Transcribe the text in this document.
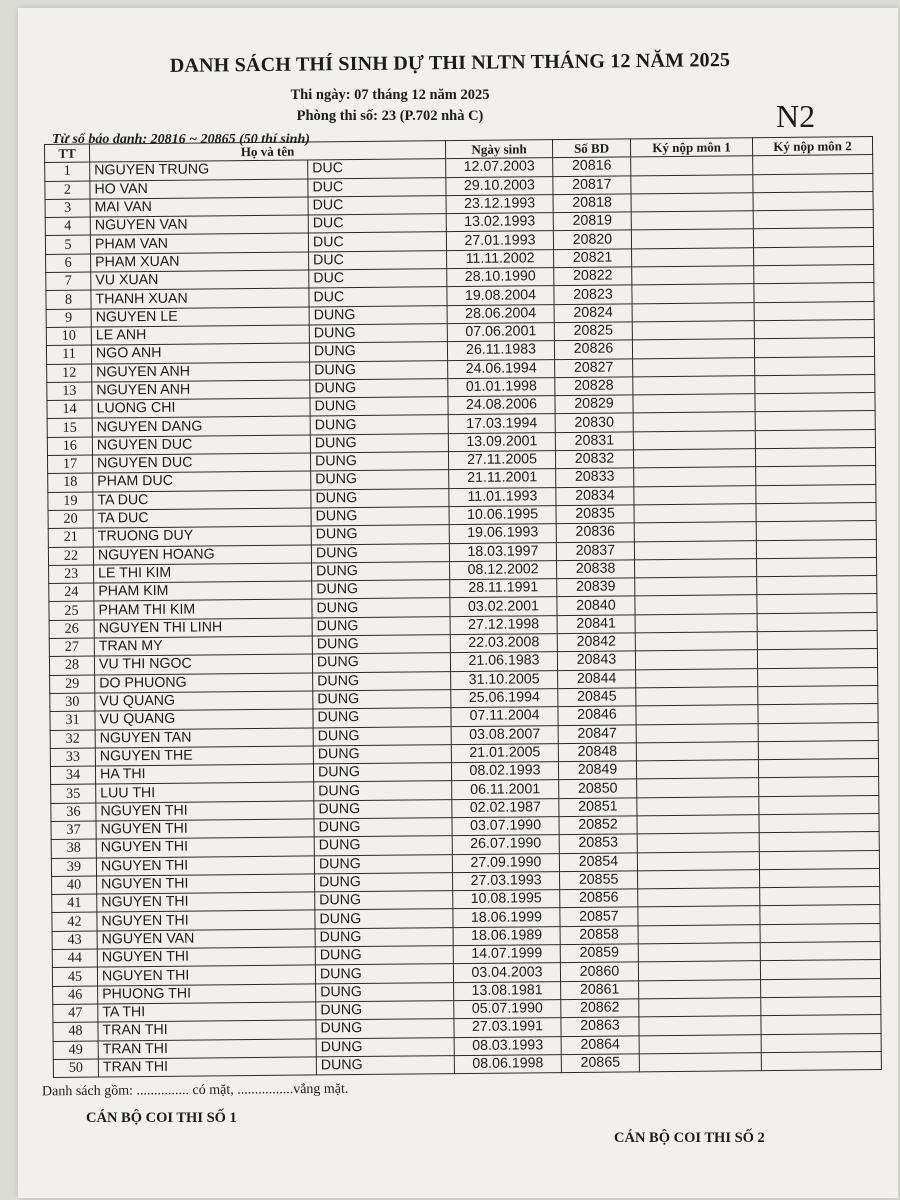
DANH SÁCH THÍ SINH DỰ THI NLTN THÁNG 12 NĂM 2025
Thi ngày: 07 tháng 12 năm 2025
Phòng thi số: 23 (P.702 nhà C)	N2
Từ số báo danh: 20816 ~ 20865 (50 thí sinh)
TT	Họ và tên		Ngày sinh	Số BD	Ký nộp môn 1	Ký nộp môn 2
1	NGUYEN TRUNG	DUC	12.07.2003	20816		
2	HO VAN	DUC	29.10.2003	20817		
3	MAI VAN	DUC	23.12.1993	20818		
4	NGUYEN VAN	DUC	13.02.1993	20819		
5	PHAM VAN	DUC	27.01.1993	20820		
6	PHAM XUAN	DUC	11.11.2002	20821		
7	VU XUAN	DUC	28.10.1990	20822		
8	THANH XUAN	DUC	19.08.2004	20823		
9	NGUYEN LE	DUNG	28.06.2004	20824		
10	LE ANH	DUNG	07.06.2001	20825		
11	NGO ANH	DUNG	26.11.1983	20826		
12	NGUYEN ANH	DUNG	24.06.1994	20827		
13	NGUYEN ANH	DUNG	01.01.1998	20828		
14	LUONG CHI	DUNG	24.08.2006	20829		
15	NGUYEN DANG	DUNG	17.03.1994	20830		
16	NGUYEN DUC	DUNG	13.09.2001	20831		
17	NGUYEN DUC	DUNG	27.11.2005	20832		
18	PHAM DUC	DUNG	21.11.2001	20833		
19	TA DUC	DUNG	11.01.1993	20834		
20	TA DUC	DUNG	10.06.1995	20835		
21	TRUONG DUY	DUNG	19.06.1993	20836		
22	NGUYEN HOANG	DUNG	18.03.1997	20837		
23	LE THI KIM	DUNG	08.12.2002	20838		
24	PHAM KIM	DUNG	28.11.1991	20839		
25	PHAM THI KIM	DUNG	03.02.2001	20840		
26	NGUYEN THI LINH	DUNG	27.12.1998	20841		
27	TRAN MY	DUNG	22.03.2008	20842		
28	VU THI NGOC	DUNG	21.06.1983	20843		
29	DO PHUONG	DUNG	31.10.2005	20844		
30	VU QUANG	DUNG	25.06.1994	20845		
31	VU QUANG	DUNG	07.11.2004	20846		
32	NGUYEN TAN	DUNG	03.08.2007	20847		
33	NGUYEN THE	DUNG	21.01.2005	20848		
34	HA THI	DUNG	08.02.1993	20849		
35	LUU THI	DUNG	06.11.2001	20850		
36	NGUYEN THI	DUNG	02.02.1987	20851		
37	NGUYEN THI	DUNG	03.07.1990	20852		
38	NGUYEN THI	DUNG	26.07.1990	20853		
39	NGUYEN THI	DUNG	27.09.1990	20854		
40	NGUYEN THI	DUNG	27.03.1993	20855		
41	NGUYEN THI	DUNG	10.08.1995	20856		
42	NGUYEN THI	DUNG	18.06.1999	20857		
43	NGUYEN VAN	DUNG	18.06.1989	20858		
44	NGUYEN THI	DUNG	14.07.1999	20859		
45	NGUYEN THI	DUNG	03.04.2003	20860		
46	PHUONG THI	DUNG	13.08.1981	20861		
47	TA THI	DUNG	05.07.1990	20862		
48	TRAN THI	DUNG	27.03.1991	20863		
49	TRAN THI	DUNG	08.03.1993	20864		
50	TRAN THI	DUNG	08.06.1998	20865		
Danh sách gồm: ............... có mặt, ................vắng mặt.
CÁN BỘ COI THI SỐ 1
CÁN BỘ COI THI SỐ 2
